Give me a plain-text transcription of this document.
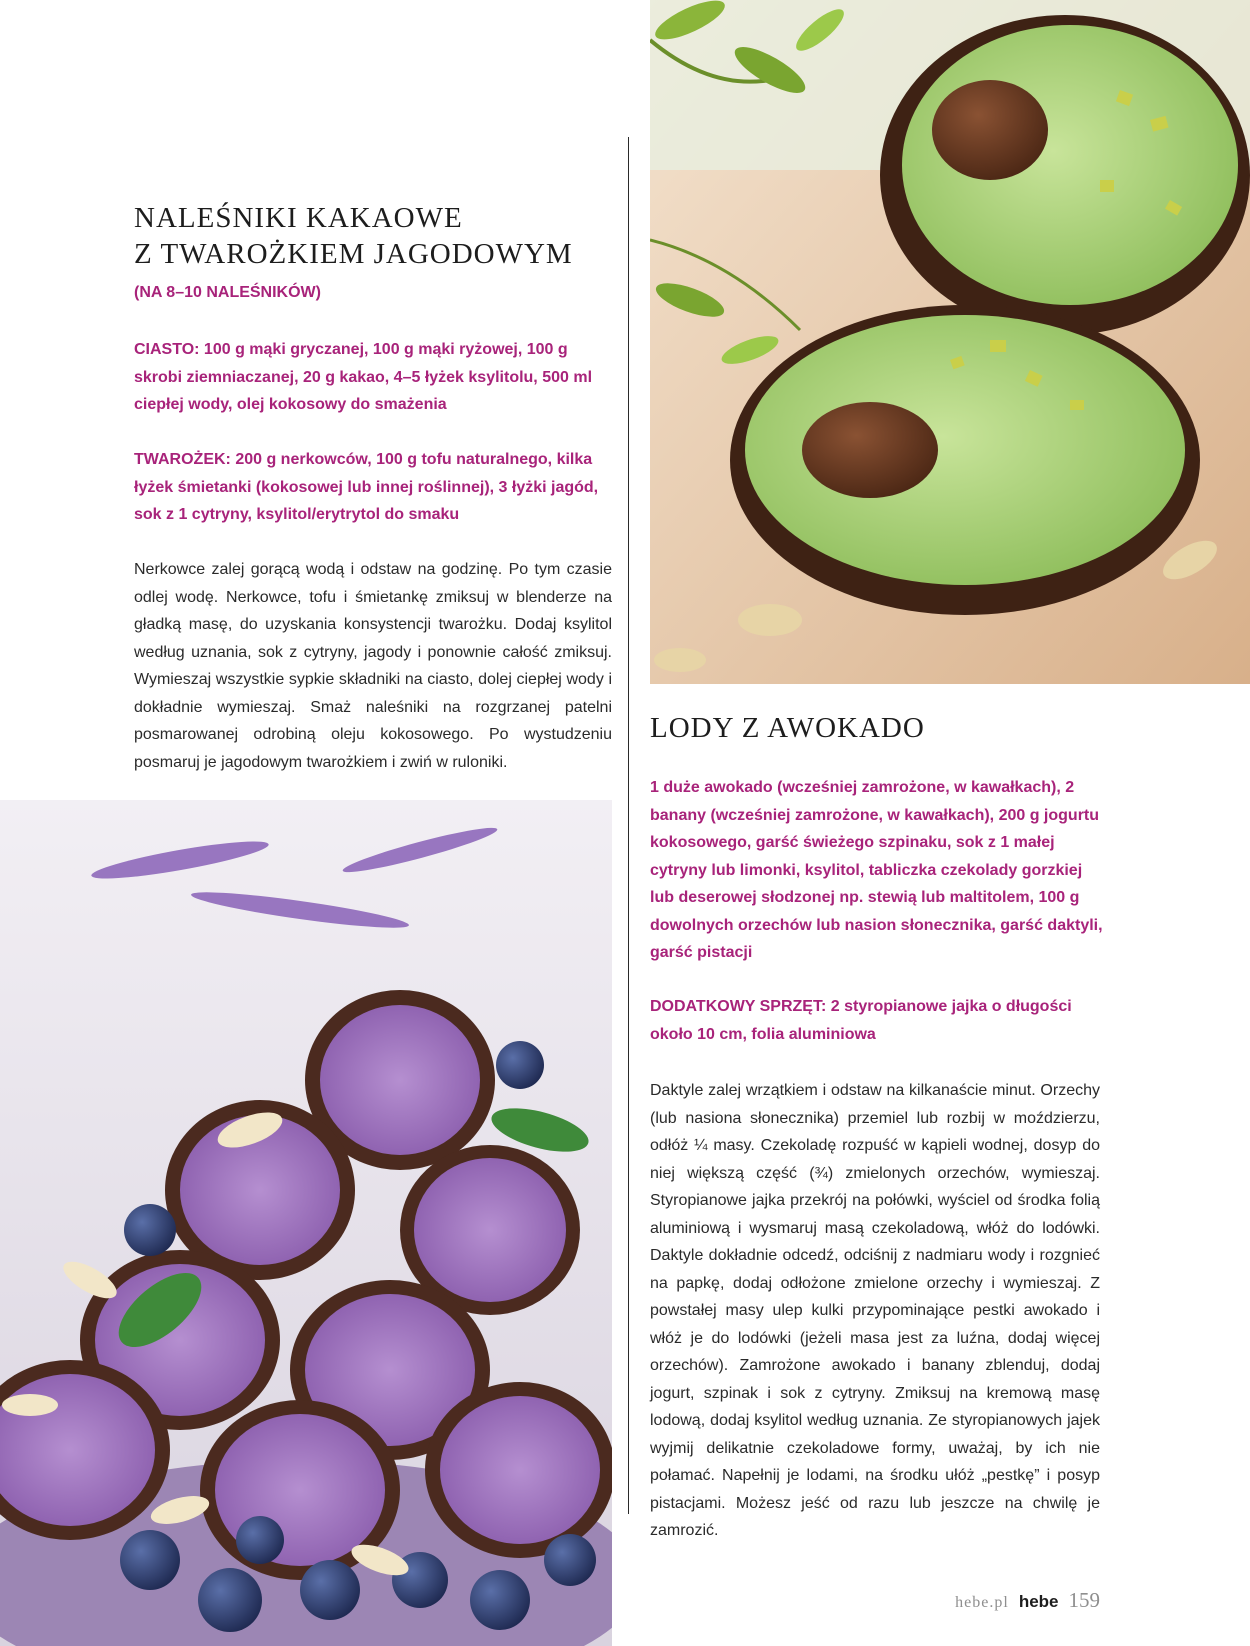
NALEŚNIKI KAKAOWE
Z TWAROŻKIEM JAGODOWYM
(NA 8–10 NALEŚNIKÓW)
CIASTO: 100 g mąki gryczanej, 100 g mąki ryżowej, 100 g skrobi ziemniaczanej, 20 g kakao, 4–5 łyżek ksylitolu, 500 ml ciepłej wody, olej kokosowy do smażenia
TWAROŻEK: 200 g nerkowców, 100 g tofu naturalnego, kilka łyżek śmietanki (kokosowej lub innej roślinnej), 3 łyżki jagód, sok z 1 cytryny, ksylitol/erytrytol do smaku
Nerkowce zalej gorącą wodą i odstaw na godzinę. Po tym czasie odlej wodę. Nerkowce, tofu i śmietankę zmiksuj w blenderze na gładką masę, do uzyskania konsystencji twarożku. Dodaj ksylitol według uznania, sok z cytryny, jagody i ponownie całość zmiksuj. Wymieszaj wszystkie sypkie składniki na ciasto, dolej ciepłej wody i dokładnie wymieszaj. Smaż naleśniki na rozgrzanej patelni posmarowanej odrobiną oleju kokosowego. Po wystudzeniu posmaruj je jagodowym twarożkiem i zwiń w ruloniki.
LODY Z AWOKADO
1 duże awokado (wcześniej zamrożone, w kawałkach), 2 banany (wcześniej zamrożone, w kawałkach), 200 g jogurtu kokosowego, garść świeżego szpinaku, sok z 1 małej cytryny lub limonki, ksylitol, tabliczka czekolady gorzkiej lub deserowej słodzonej np. stewią lub maltitolem, 100 g dowolnych orzechów lub nasion słonecznika, garść daktyli, garść pistacji
DODATKOWY SPRZĘT: 2 styropianowe jajka o długości około 10 cm, folia aluminiowa
Daktyle zalej wrzątkiem i odstaw na kilkanaście minut. Orzechy (lub nasiona słonecznika) przemiel lub rozbij w moździerzu, odłóż ¼ masy. Czekoladę rozpuść w kąpieli wodnej, dosyp do niej większą część (¾) zmielonych orzechów, wymieszaj. Styropianowe jajka przekrój na połówki, wyściel od środka folią aluminiową i wysmaruj masą czekoladową, włóż do lodówki. Daktyle dokładnie odcedź, odciśnij z nadmiaru wody i rozgnieć na papkę, dodaj odłożone zmielone orzechy i wymieszaj. Z powstałej masy ulep kulki przypominające pestki awokado i włóż je do lodówki (jeżeli masa jest za luźna, dodaj więcej orzechów). Zamrożone awokado i banany zblenduj, dodaj jogurt, szpinak i sok z cytryny. Zmiksuj na kremową masę lodową, dodaj ksylitol według uznania. Ze styropianowych jajek wyjmij delikatnie czekoladowe formy, uważaj, by ich nie połamać. Napełnij je lodami, na środku ułóż „pestkę” i posyp pistacjami. Możesz jeść od razu lub jeszcze na chwilę je zamrozić.
hebe.pl hebe 159
